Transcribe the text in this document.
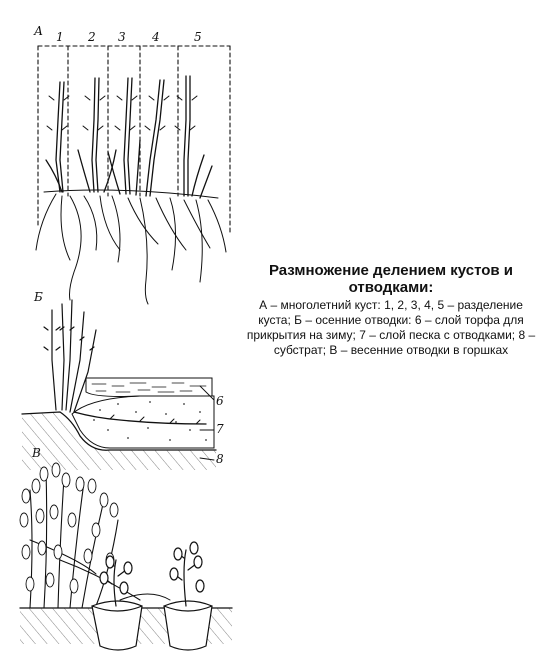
А 1 2 3 4	5
Б
6
7
8
В
Размножение делением кустов и отводками:
А – многолетний куст: 1, 2, 3, 4, 5 – разделение куста; Б – осенние отводки: 6 – слой торфа для прикрытия на зиму; 7 – слой песка с отводками; 8 – субстрат; В – весенние отводки в горшках
